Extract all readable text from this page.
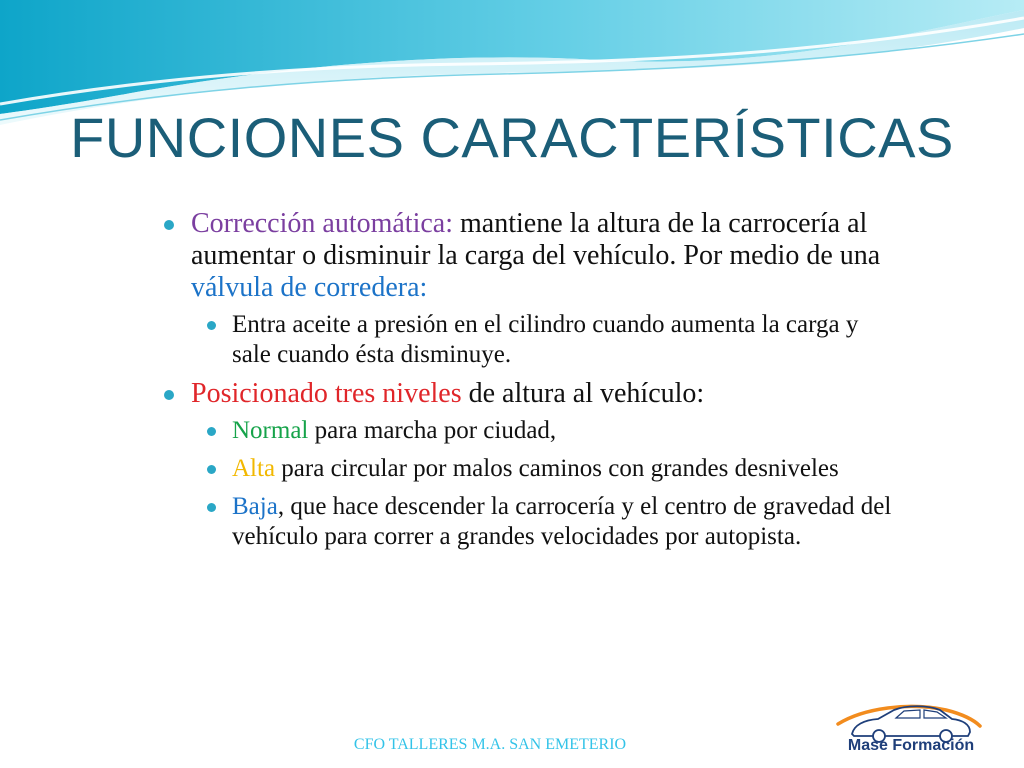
FUNCIONES CARACTERÍSTICAS
Corrección automática: mantiene la altura de la carrocería al aumentar o disminuir la carga del vehículo. Por medio de una válvula de corredera:
Entra aceite a presión en el cilindro cuando aumenta la carga y sale cuando ésta disminuye.
Posicionado tres niveles de altura al vehículo:
Normal para marcha por ciudad,
Alta para circular por malos caminos con grandes desniveles
Baja, que hace descender la carrocería y el centro de gravedad del vehículo para correr a grandes velocidades por autopista.
CFO TALLERES M.A. SAN EMETERIO	Mase Formación
